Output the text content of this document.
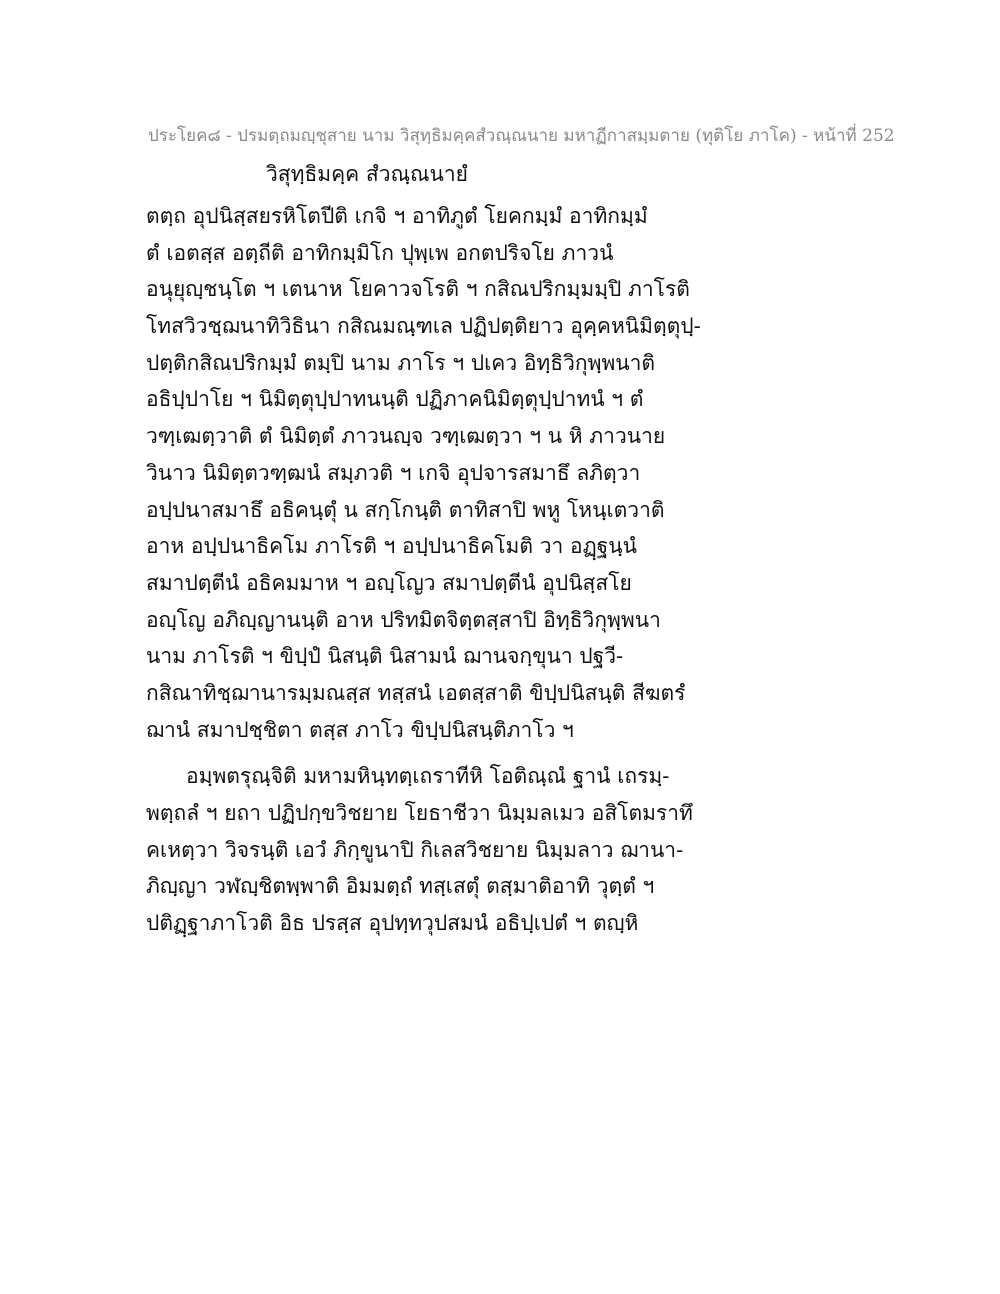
ประโยค๘ - ปรมตฺถมญฺชุสาย นาม วิสุทฺธิมคฺคสํวณฺณนาย มหาฏีกาสมฺมตาย (ทุติโย ภาโค) - หน้าที่ 252
วิสุทฺธิมคฺค สํวณฺณนายํ
ตตฺถ อุปนิสฺสยรหิโตปีติ เกจิ ฯ อาทิภูตํ โยคกมฺมํ อาทิกมฺมํ
ตํ เอตสฺส อตฺถีติ อาทิกมฺมิโก ปุพฺเพ อกตปริจโย ภาวนํ
อนุยุญฺชนฺโต ฯ เตนาห โยคาวจโรติ ฯ กสิณปริกมฺมมฺปิ ภาโรติ
โทสวิวชฺฌนาทิวิธินา กสิณมณฺฑเล ปฏิปตฺติยาว อุคฺคหนิมิตฺตุปฺ-
ปตฺติกสิณปริกมฺมํ ตมฺปิ นาม ภาโร ฯ ปเคว อิทฺธิวิกุพฺพนาติ
อธิปฺปาโย ฯ นิมิตฺตุปฺปาทนนฺติ ปฏิภาคนิมิตฺตุปฺปาทนํ ฯ ตํ
วฑฺเฒตฺวาติ ตํ นิมิตฺตํ ภาวนญฺจ วฑฺเฒตฺวา ฯ น หิ ภาวนาย
วินาว นิมิตฺตวฑฺฒนํ สมฺภวติ ฯ เกจิ อุปจารสมาธึ ลภิตฺวา
อปฺปนาสมาธึ อธิคนฺตุํ น สกฺโกนฺติ ตาทิสาปิ พหู โหนฺเตวาติ
อาห อปฺปนาธิคโม ภาโรติ ฯ อปฺปนาธิคโมติ วา อฏฺฐนฺนํ
สมาปตฺตีนํ อธิคมมาห ฯ อญฺโญว สมาปตฺตีนํ อุปนิสฺสโย
อญฺโญ อภิญฺญานนฺติ อาห ปริทมิตจิตฺตสฺสาปิ อิทฺธิวิกุพฺพนา
นาม ภาโรติ ฯ ขิปฺปํ นิสนฺติ นิสามนํ ฌานจกฺขุนา ปฐวี-
กสิณาทิชฺฌานารมฺมณสฺส ทสฺสนํ เอตสฺสาติ ขิปฺปนิสนฺติ สีฆตรํ
ฌานํ สมาปชฺชิตา ตสฺส ภาโว ขิปฺปนิสนฺติภาโว ฯ
อมฺพตรุณฺจิติ มหามหินฺทตฺเถราทีหิ โอติณฺณํ ฐานํ เถรมฺ-
พตฺถลํ ฯ ยถา ปฏิปกฺขวิชยาย โยธาชีวา นิมฺมลเมว อสิโตมราทึ
คเหตฺวา วิจรนฺติ เอวํ ภิกฺขูนาปิ กิเลสวิชยาย นิมฺมลาว ฌานา-
ภิญฺญา วฬญฺชิตพฺพาติ อิมมตฺถํ ทสฺเสตุํ ตสฺมาติอาทิ วุตฺตํ ฯ
ปติฏฺฐาภาโวติ อิธ ปรสฺส อุปทฺทวุปสมนํ อธิปฺเปตํ ฯ ตญฺหิ
